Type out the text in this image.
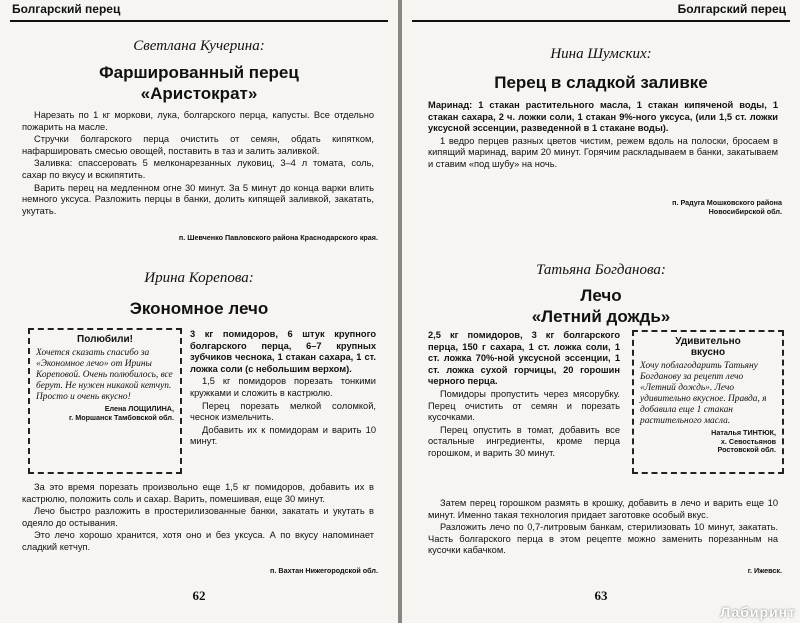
Болгарский перец
Светлана Кучерина:
Фаршированный перец
«Аристократ»

Нарезать по 1 кг моркови, лука, болгарского перца, капусты. Все отдельно пожарить на масле.

Стручки болгарского перца очистить от семян, обдать кипятком, нафаршировать смесью овощей, поставить в таз и залить заливкой.

Заливка: спассеровать 5 мелконарезанных луковиц, 3–4 л томата, соль, сахар по вкусу и вскипятить.

Варить перец на медленном огне 30 минут. За 5 минут до конца варки влить немного уксуса. Разложить перцы в банки, долить кипящей заливкой, закатать, укутать.

п. Шевченко Павловского района Краснодарского края.
Ирина Корепова:
Экономное лечо
Полюбили!
Хочется сказать спасибо за «Экономное лечо» от Ирины Кореповой. Очень полюбилось, все берут. Не нужен никакой кетчуп. Просто и очень вкусно!
Елена ЛОЩИЛИНА,
г. Моршанск Тамбовской обл.

3 кг помидоров, 6 штук крупного болгарского перца, 6–7 крупных зубчиков чеснока, 1 стакан сахара, 1 ст. ложка соли (с небольшим верхом).

1,5 кг помидоров порезать тонкими кружками и сложить в кастрюлю.

Перец порезать мелкой соломкой, чеснок измельчить.

Добавить их к помидорам и варить 10 минут.

За это время порезать произвольно еще 1,5 кг помидоров, добавить их в кастрюлю, положить соль и сахар. Варить, помешивая, еще 30 минут.

Лечо быстро разложить в простерилизованные банки, закатать и укутать в одеяло до остывания.

Это лечо хорошо хранится, хотя оно и без уксуса. А по вкусу напоминает сладкий кетчуп.

п. Вахтан Нижегородской обл.
62
Болгарский перец
Нина Шумских:
Перец в сладкой заливке

Маринад: 1 стакан растительного масла, 1 стакан кипяченой воды, 1 стакан сахара, 2 ч. ложки соли, 1 стакан 9%-ного уксуса, (или 1,5 ст. ложки уксусной эссенции, разведенной в 1 стакане воды).

1 ведро перцев разных цветов чистим, режем вдоль на полоски, бросаем в кипящий маринад, варим 20 минут. Горячим раскладываем в банки, закатываем и ставим «под шубу» на ночь.

п. Радуга Мошковского района
Новосибирской обл.
Татьяна Богданова:
Лечо
«Летний дождь»

2,5 кг помидоров, 3 кг болгарского перца, 150 г сахара, 1 ст. ложка соли, 1 ст. ложка 70%-ной уксусной эссенции, 1 ст. ложка сухой горчицы, 20 горошин черного перца.

Помидоры пропустить через мясорубку. Перец очистить от семян и порезать кусочками.

Перец опустить в томат, добавить все остальные ингредиенты, кроме перца горошком, и варить 30 минут.

Удивительно
вкусно
Хочу поблагодарить Татьяну Богданову за рецепт лечо «Летний дождь». Лечо удивительно вкусное. Правда, я добавила еще 1 стакан растительного масла.
Наталья ТИНТЮК,
х. Севостьянов
Ростовской обл.

Затем перец горошком размять в крошку, добавить в лечо и варить еще 10 минут. Именно такая технология придает заготовке особый вкус.

Разложить лечо по 0,7-литровым банкам, стерилизовать 10 минут, закатать. Часть болгарского перца в этом рецепте можно заменить порезанным на кусочки кабачком.

г. Ижевск.
63
Лабиринт
